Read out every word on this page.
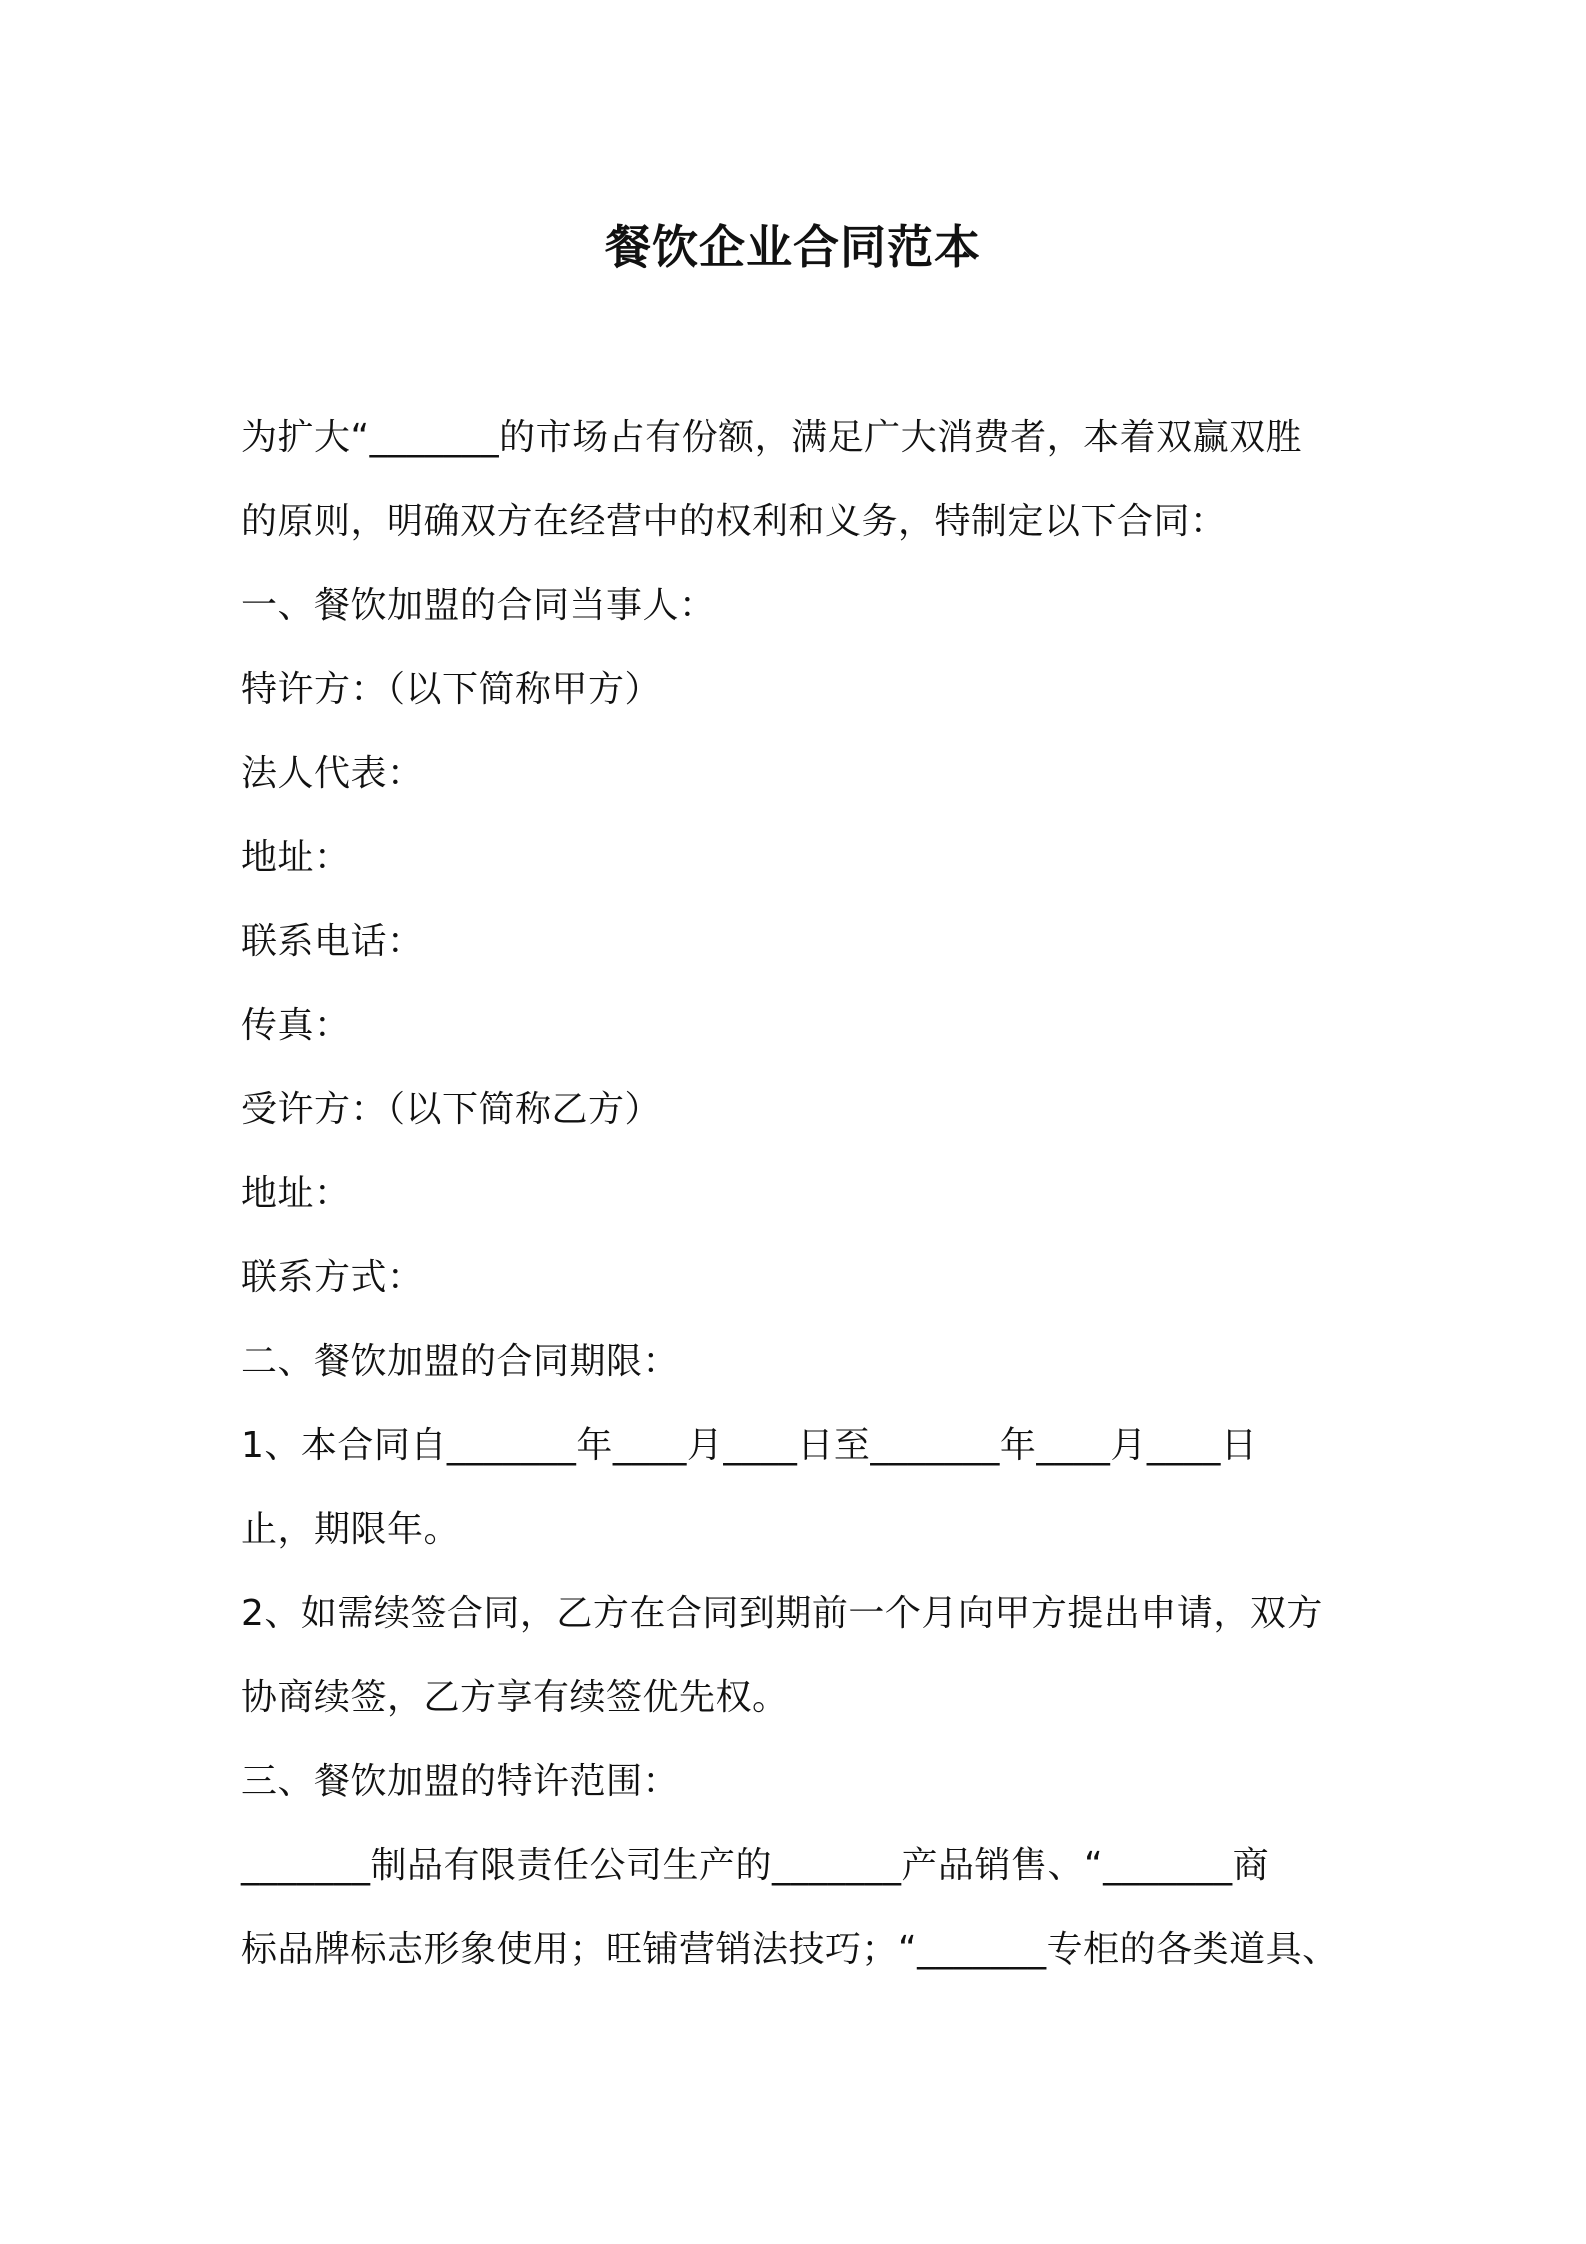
餐饮企业合同范本
为扩大“_______的市场占有份额，满足广大消费者，本着双赢双胜
的原则，明确双方在经营中的权利和义务，特制定以下合同：
一、餐饮加盟的合同当事人：
特许方：（以下简称甲方）
法人代表：
地址：
联系电话：
传真：
受许方：（以下简称乙方）
地址：
联系方式：
二、餐饮加盟的合同期限：
1、本合同自_______年____月____日至_______年____月____日
止，期限年。
2、如需续签合同，乙方在合同到期前一个月向甲方提出申请，双方
协商续签，乙方享有续签优先权。
三、餐饮加盟的特许范围：
_______制品有限责任公司生产的_______产品销售、“_______商
标品牌标志形象使用；旺铺营销法技巧；“_______专柜的各类道具、
